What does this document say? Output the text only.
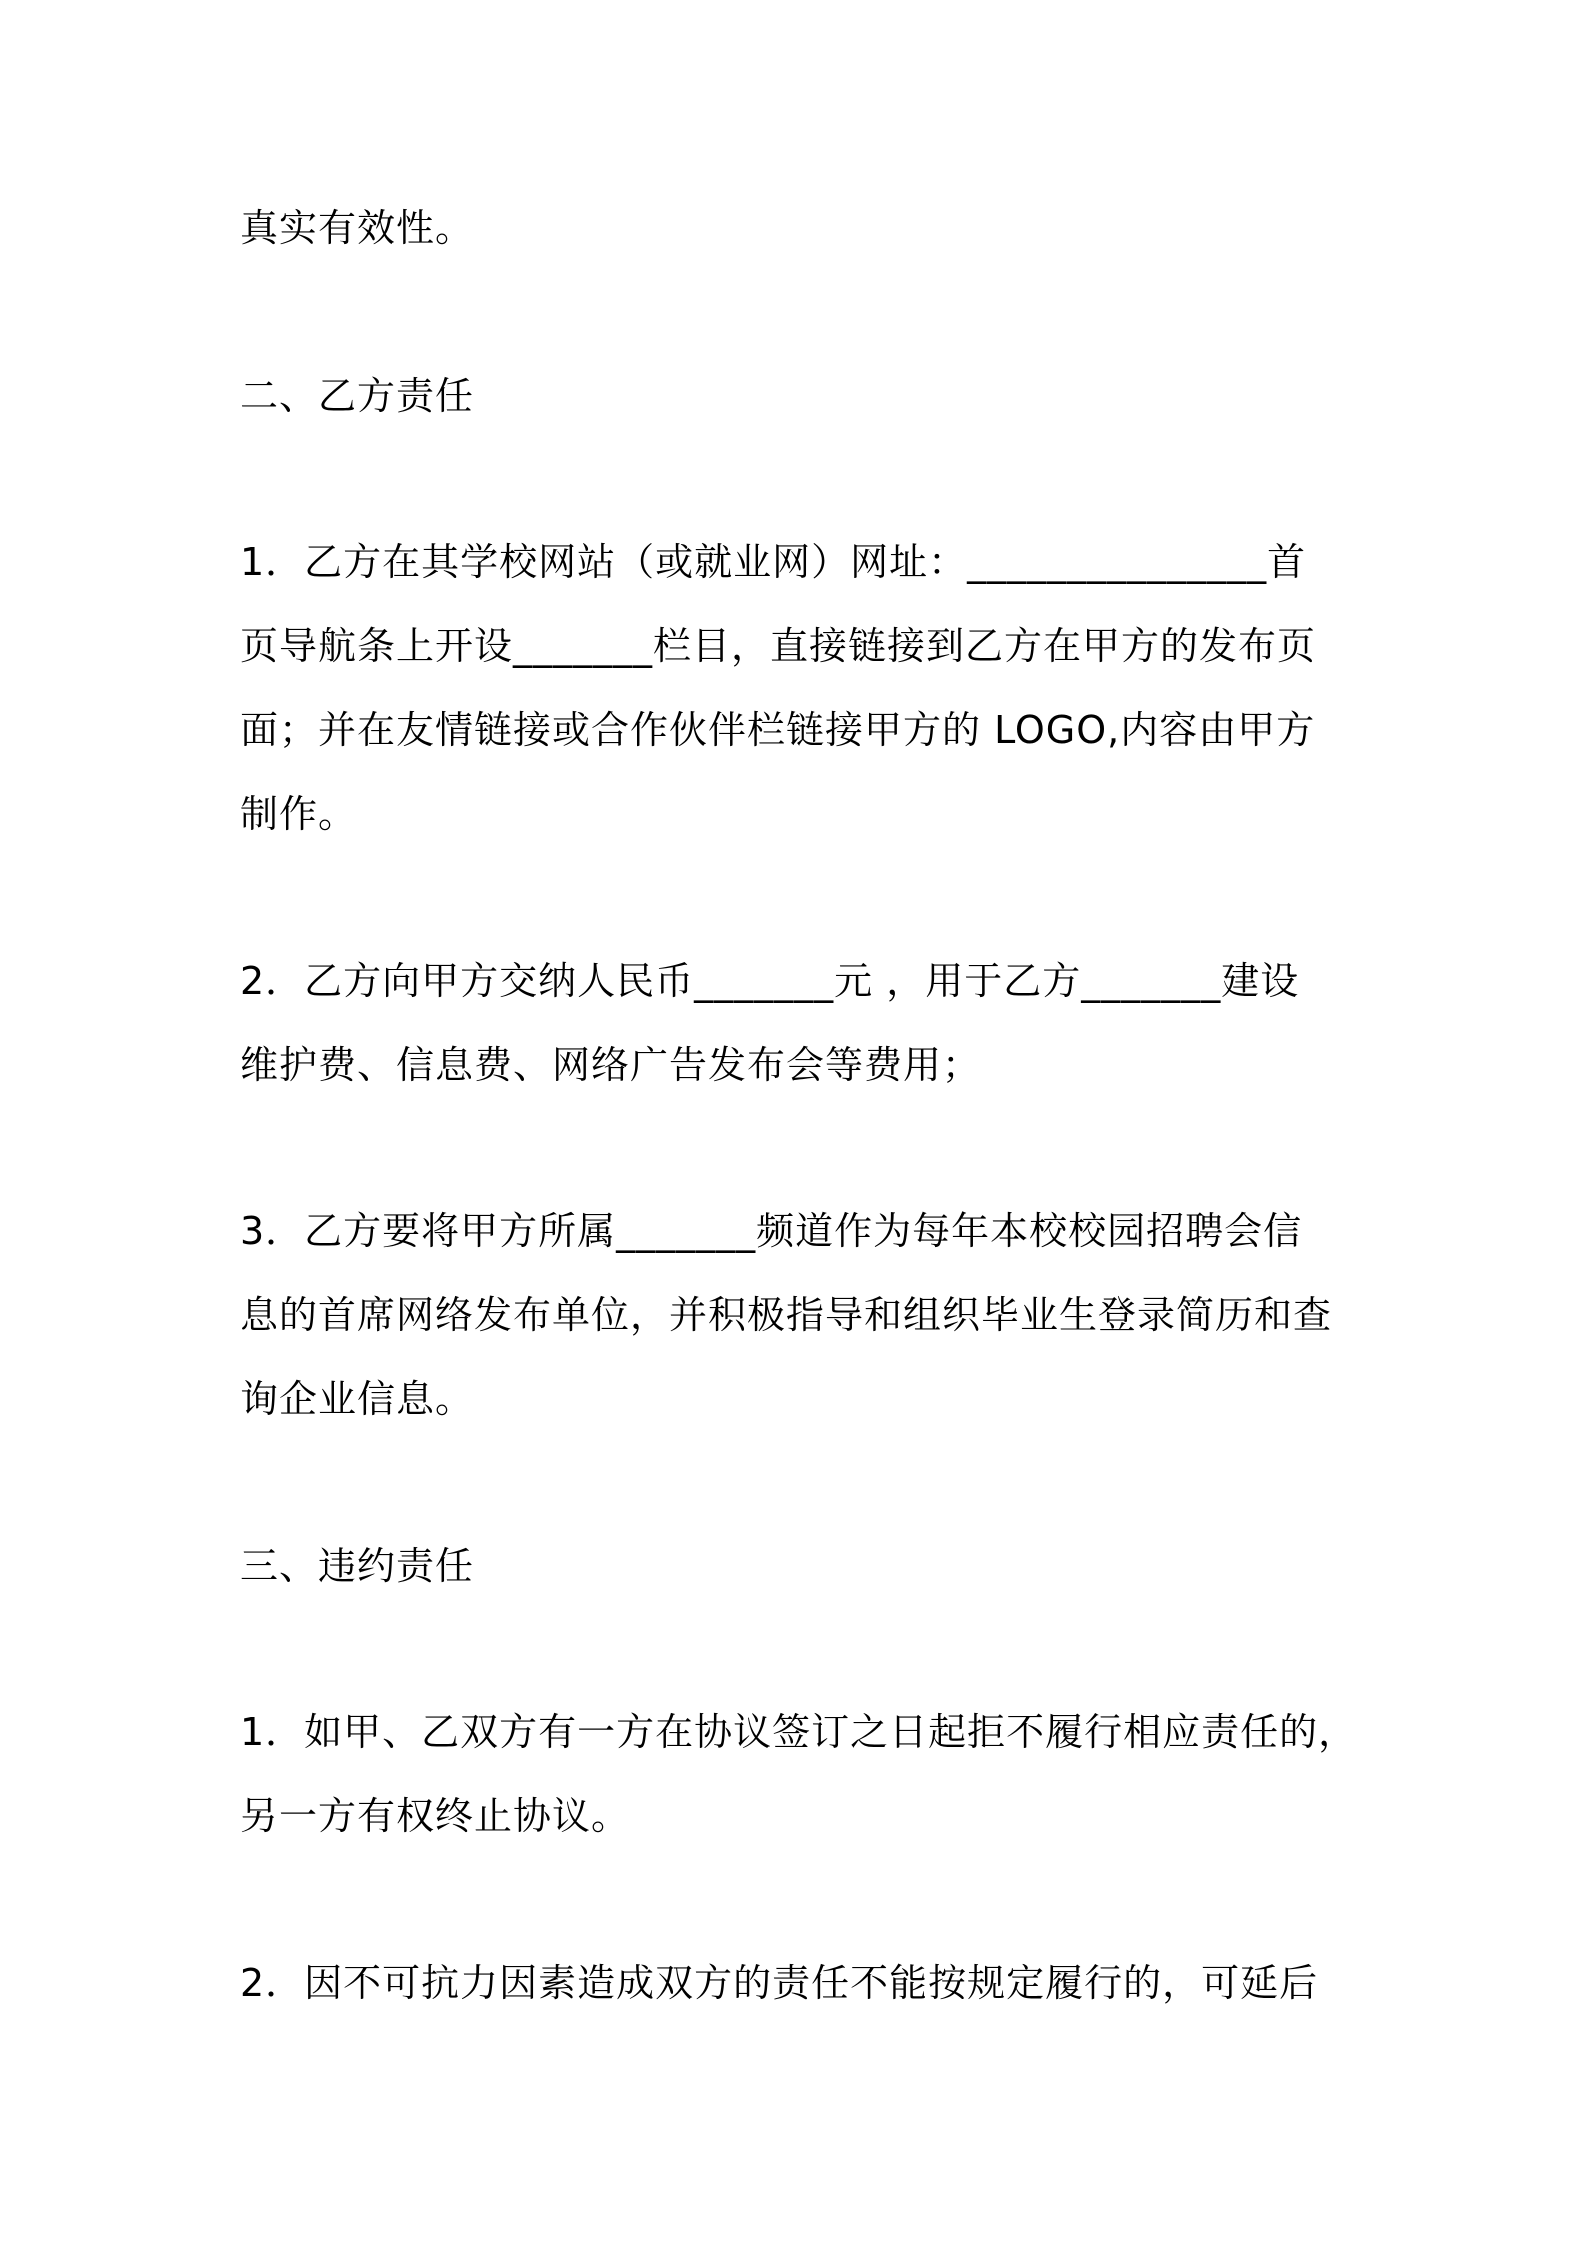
真实有效性。
二、乙方责任
1．乙方在其学校网站（或就业网）网址：_______________首
页导航条上开设_______栏目，直接链接到乙方在甲方的发布页
面；并在友情链接或合作伙伴栏链接甲方的 LOGO,内容由甲方
制作。
2．乙方向甲方交纳人民币_______元 ，用于乙方_______建设
维护费、信息费、网络广告发布会等费用；
3．乙方要将甲方所属_______频道作为每年本校校园招聘会信
息的首席网络发布单位，并积极指导和组织毕业生登录简历和查
询企业信息。
三、违约责任
1．如甲、乙双方有一方在协议签订之日起拒不履行相应责任的，
另一方有权终止协议。
2．因不可抗力因素造成双方的责任不能按规定履行的，可延后
